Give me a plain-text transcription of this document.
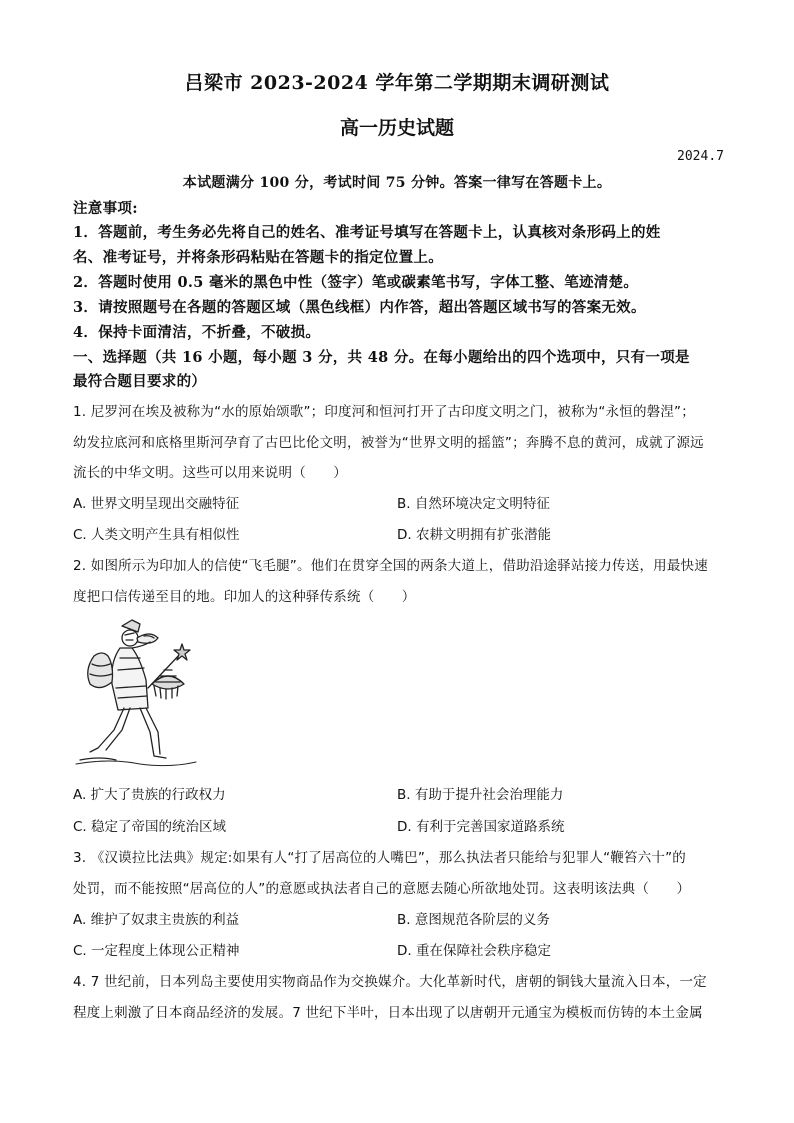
吕梁市 2023-2024 学年第二学期期末调研测试
高一历史试题
2024.7
本试题满分 100 分，考试时间 75 分钟。答案一律写在答题卡上。
注意事项:
1．答题前，考生务必先将自己的姓名、准考证号填写在答题卡上，认真核对条形码上的姓
名、准考证号，并将条形码粘贴在答题卡的指定位置上。
2．答题时使用 0.5 毫米的黑色中性（签字）笔或碳素笔书写，字体工整、笔迹清楚。
3．请按照题号在各题的答题区域（黑色线框）内作答，超出答题区域书写的答案无效。
4．保持卡面清洁，不折叠，不破损。
一、选择题（共 16 小题，每小题 3 分，共 48 分。在每小题给出的四个选项中，只有一项是
最符合题目要求的）
1. 尼罗河在埃及被称为“水的原始颂歌”；印度河和恒河打开了古印度文明之门，被称为“永恒的磐涅”；
幼发拉底河和底格里斯河孕育了古巴比伦文明，被誉为“世界文明的摇篮”；奔腾不息的黄河，成就了源远
流长的中华文明。这些可以用来说明（　　）
A. 世界文明呈现出交融特征	B. 自然环境决定文明特征
C. 人类文明产生具有相似性	D. 农耕文明拥有扩张潜能
2. 如图所示为印加人的信使“飞毛腿”。他们在贯穿全国的两条大道上，借助沿途驿站接力传送，用最快速
度把口信传递至目的地。印加人的这种驿传系统（　　）
A. 扩大了贵族的行政权力	B. 有助于提升社会治理能力
C. 稳定了帝国的统治区域	D. 有利于完善国家道路系统
3. 《汉谟拉比法典》规定:如果有人“打了居高位的人嘴巴”，那么执法者只能给与犯罪人“鞭笞六十”的
处罚，而不能按照“居高位的人”的意愿或执法者自己的意愿去随心所欲地处罚。这表明该法典（　　）
A. 维护了奴隶主贵族的利益	B. 意图规范各阶层的义务
C. 一定程度上体现公正精神	D. 重在保障社会秩序稳定
4. 7 世纪前，日本列岛主要使用实物商品作为交换媒介。大化革新时代，唐朝的铜钱大量流入日本，一定
程度上刺激了日本商品经济的发展。7 世纪下半叶，日本出现了以唐朝开元通宝为模板而仿铸的本土金属
